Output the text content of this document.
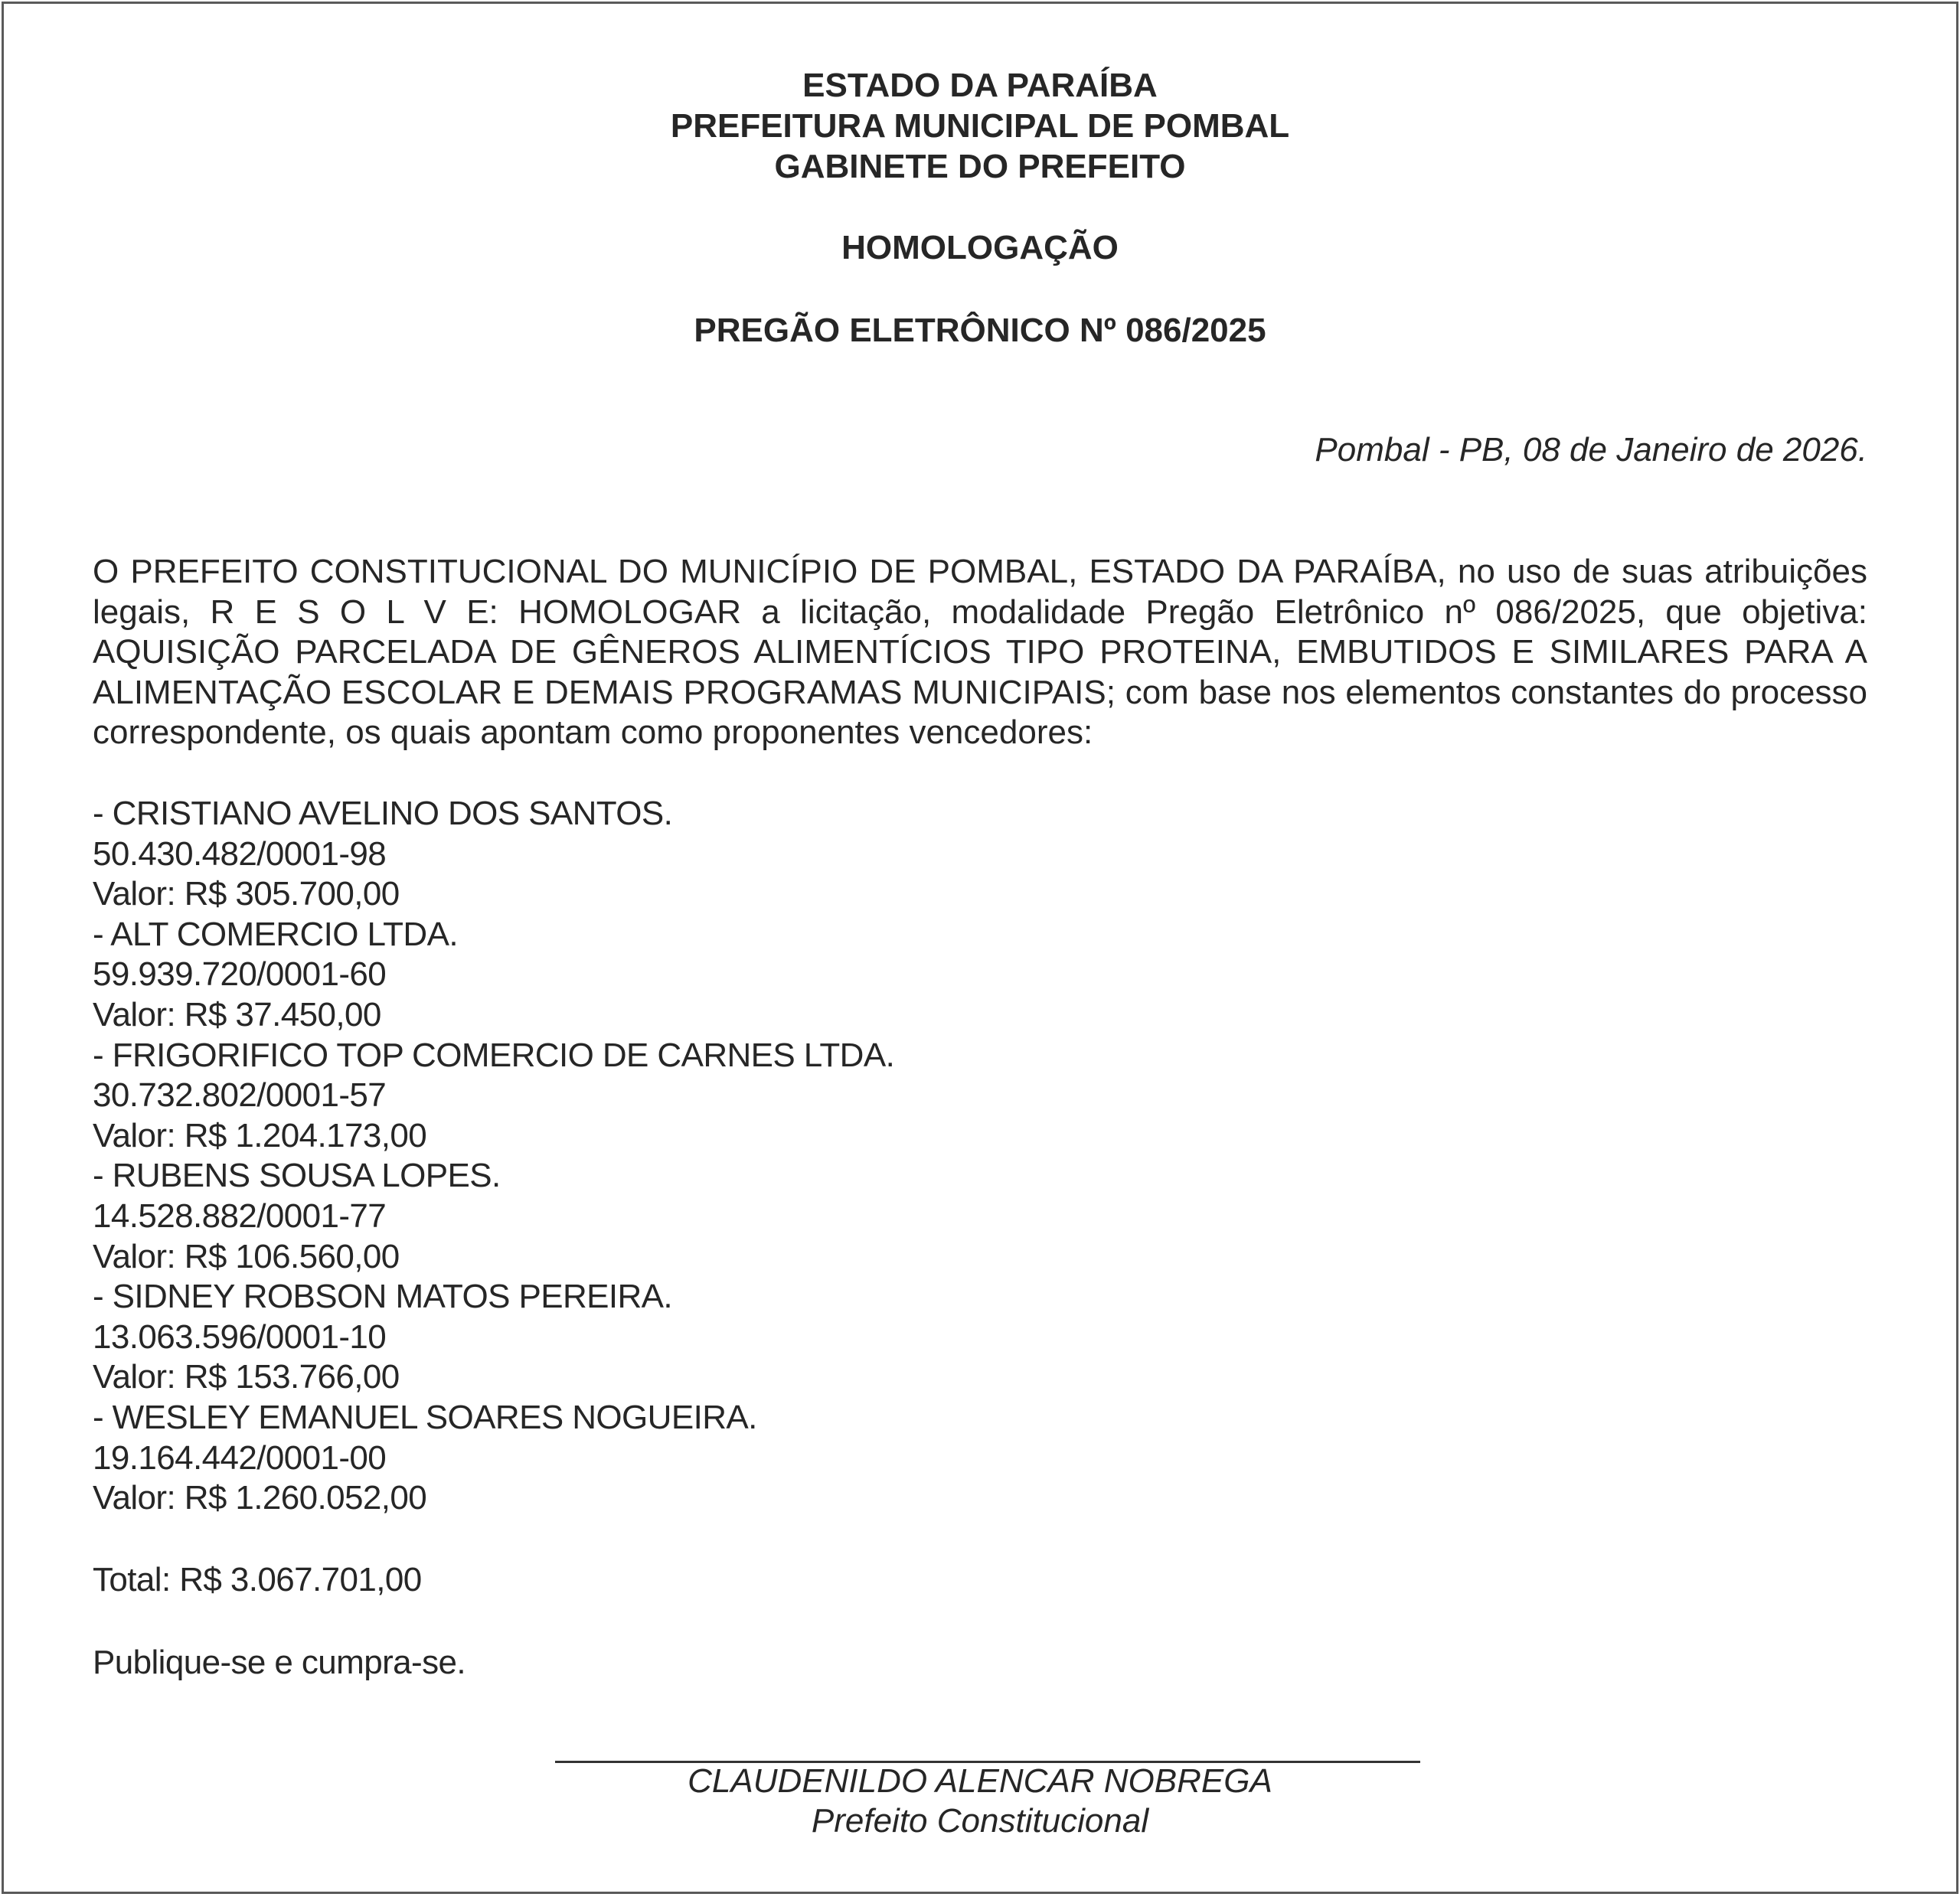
ESTADO DA PARAÍBA
PREFEITURA MUNICIPAL DE POMBAL
GABINETE DO PREFEITO
HOMOLOGAÇÃO
PREGÃO ELETRÔNICO Nº 086/2025
Pombal - PB, 08 de Janeiro de 2026.

O PREFEITO CONSTITUCIONAL DO MUNICÍPIO DE POMBAL, ESTADO DA PARAÍBA, no uso de suas atribuições legais, R E S O L V E: HOMOLOGAR a licitação, modalidade Pregão Eletrônico nº 086/2025, que objetiva: AQUISIÇÃO PARCELADA DE GÊNEROS ALIMENTÍCIOS TIPO PROTEINA, EMBUTIDOS E SIMILARES PARA A ALIMENTAÇÃO ESCOLAR E DEMAIS PROGRAMAS MUNICIPAIS; com base nos elementos constantes do processo correspondente, os quais apontam como proponentes vencedores:

- CRISTIANO AVELINO DOS SANTOS.
50.430.482/0001-98
Valor: R$ 305.700,00
- ALT COMERCIO LTDA.
59.939.720/0001-60
Valor: R$ 37.450,00
- FRIGORIFICO TOP COMERCIO DE CARNES LTDA.
30.732.802/0001-57
Valor: R$ 1.204.173,00
- RUBENS SOUSA LOPES.
14.528.882/0001-77
Valor: R$ 106.560,00
- SIDNEY ROBSON MATOS PEREIRA.
13.063.596/0001-10
Valor: R$ 153.766,00
- WESLEY EMANUEL SOARES NOGUEIRA.
19.164.442/0001-00
Valor: R$ 1.260.052,00
Total: R$ 3.067.701,00
Publique-se e cumpra-se.
CLAUDENILDO ALENCAR NOBREGA
Prefeito Constitucional
